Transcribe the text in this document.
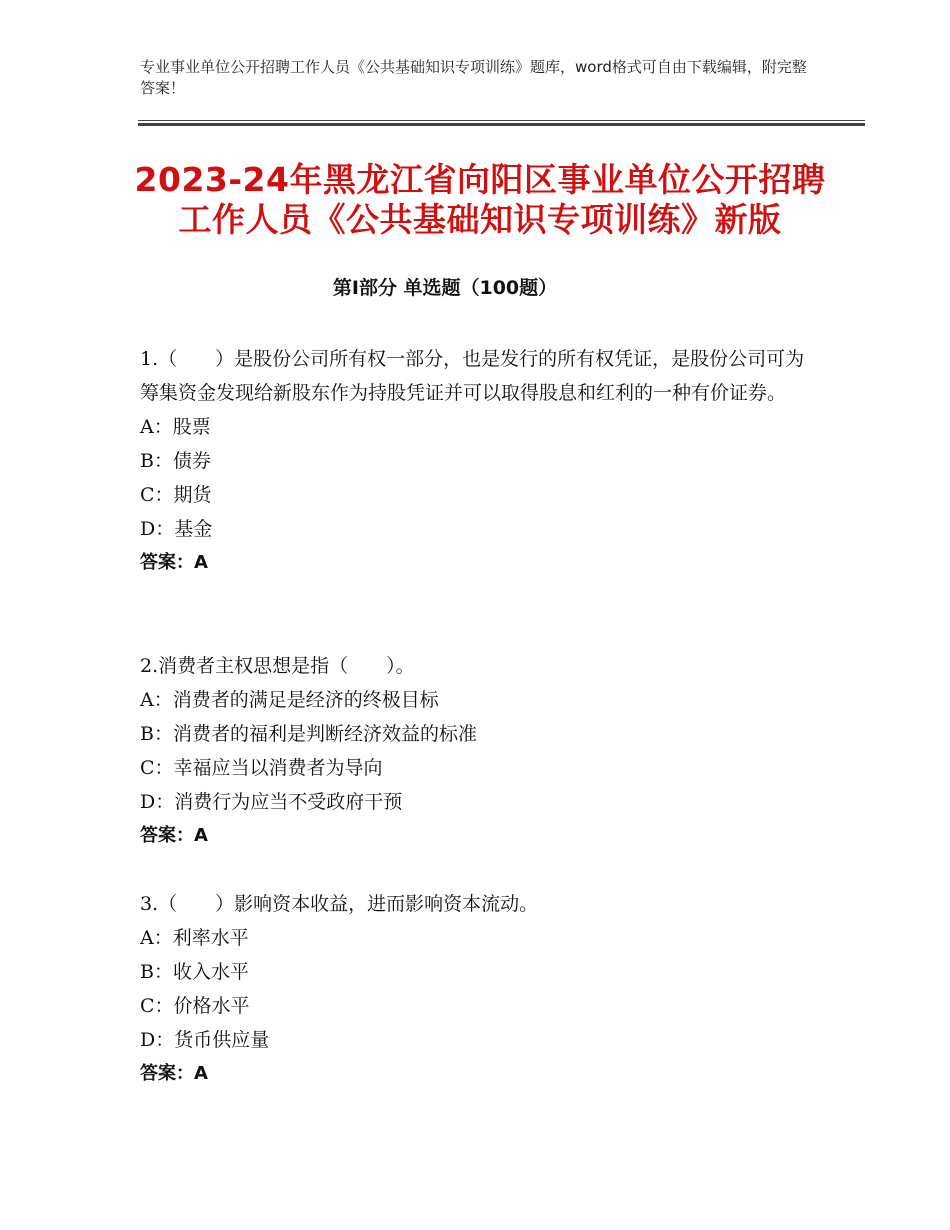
专业事业单位公开招聘工作人员《公共基础知识专项训练》题库，word格式可自由下载编辑，附完整答案！
2023-24年黑龙江省向阳区事业单位公开招聘工作人员《公共基础知识专项训练》新版
第Ⅰ部分 单选题（100题）

1.（　　）是股份公司所有权一部分，也是发行的所有权凭证，是股份公司可为筹集资金发现给新股东作为持股凭证并可以取得股息和红利的一种有价证券。

A：股票

B：债券

C：期货

D：基金

答案：A

2.消费者主权思想是指（　　）。

A：消费者的满足是经济的终极目标

B：消费者的福利是判断经济效益的标准

C：幸福应当以消费者为导向

D：消费行为应当不受政府干预

答案：A

3.（　　）影响资本收益，进而影响资本流动。

A：利率水平

B：收入水平

C：价格水平

D：货币供应量

答案：A
